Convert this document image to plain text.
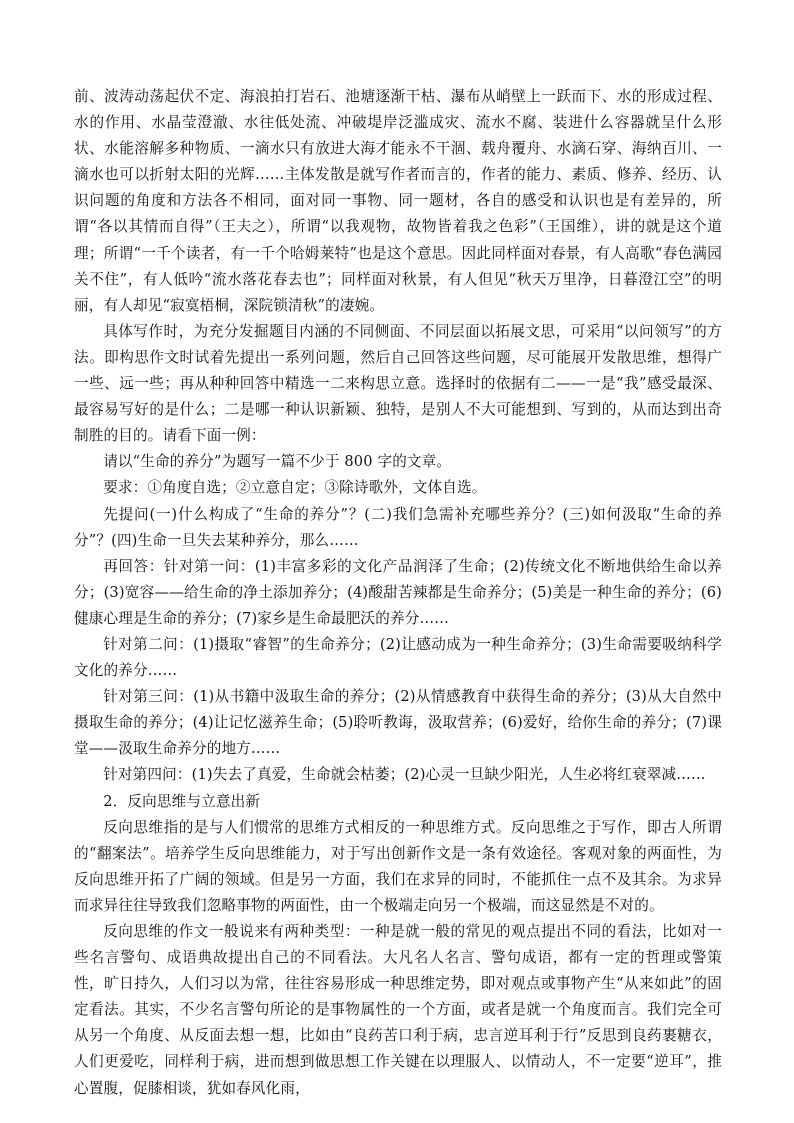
前、波涛动荡起伏不定、海浪拍打岩石、池塘逐渐干枯、瀑布从峭壁上一跃而下、水的形成过程、水的作用、水晶莹澄澈、水往低处流、冲破堤岸泛滥成灾、流水不腐、装进什么容器就呈什么形状、水能溶解多种物质、一滴水只有放进大海才能永不干涸、载舟覆舟、水滴石穿、海纳百川、一滴水也可以折射太阳的光辉……主体发散是就写作者而言的，作者的能力、素质、修养、经历、认识问题的角度和方法各不相同，面对同一事物、同一题材，各自的感受和认识也是有差异的，所谓“各以其情而自得”（王夫之），所谓“以我观物，故物皆着我之色彩”（王国维），讲的就是这个道理；所谓“一千个读者，有一千个哈姆莱特”也是这个意思。因此同样面对春景，有人高歌“春色满园关不住”，有人低吟“流水落花春去也”；同样面对秋景，有人但见“秋天万里净，日暮澄江空”的明丽，有人却见“寂寞梧桐，深院锁清秋”的凄婉。

具体写作时，为充分发掘题目内涵的不同侧面、不同层面以拓展文思，可采用“以问领写”的方法。即构思作文时试着先提出一系列问题，然后自己回答这些问题，尽可能展开发散思维，想得广一些、远一些；再从种种回答中精选一二来构思立意。选择时的依据有二——一是“我”感受最深、最容易写好的是什么；二是哪一种认识新颖、独特，是别人不大可能想到、写到的，从而达到出奇制胜的目的。请看下面一例：

请以“生命的养分”为题写一篇不少于 800 字的文章。

要求：①角度自选；②立意自定；③除诗歌外，文体自选。

先提问(一)什么构成了“生命的养分”？(二)我们急需补充哪些养分？(三)如何汲取“生命的养分”？(四)生命一旦失去某种养分，那么……

再回答：针对第一问：(1)丰富多彩的文化产品润泽了生命；(2)传统文化不断地供给生命以养分；(3)宽容——给生命的净土添加养分；(4)酸甜苦辣都是生命养分；(5)美是一种生命的养分；(6)健康心理是生命的养分；(7)家乡是生命最肥沃的养分……

针对第二问：(1)摄取“睿智”的生命养分；(2)让感动成为一种生命养分；(3)生命需要吸纳科学文化的养分……

针对第三问：(1)从书籍中汲取生命的养分；(2)从情感教育中获得生命的养分；(3)从大自然中摄取生命的养分；(4)让记忆滋养生命；(5)聆听教诲，汲取营养；(6)爱好，给你生命的养分；(7)课堂——汲取生命养分的地方……

针对第四问：(1)失去了真爱，生命就会枯萎；(2)心灵一旦缺少阳光，人生必将红衰翠减……

2．反向思维与立意出新

反向思维指的是与人们惯常的思维方式相反的一种思维方式。反向思维之于写作，即古人所谓的“翻案法”。培养学生反向思维能力，对于写出创新作文是一条有效途径。客观对象的两面性，为反向思维开拓了广阔的领域。但是另一方面，我们在求异的同时，不能抓住一点不及其余。为求异而求异往往导致我们忽略事物的两面性，由一个极端走向另一个极端，而这显然是不对的。

反向思维的作文一般说来有两种类型：一种是就一般的常见的观点提出不同的看法，比如对一些名言警句、成语典故提出自己的不同看法。大凡名人名言、警句成语，都有一定的哲理或警策性，旷日持久，人们习以为常，往往容易形成一种思维定势，即对观点或事物产生“从来如此”的固定看法。其实，不少名言警句所论的是事物属性的一个方面，或者是就一个角度而言。我们完全可从另一个角度、从反面去想一想，比如由“良药苦口利于病，忠言逆耳利于行”反思到良药裹糖衣，人们更爱吃，同样利于病，进而想到做思想工作关键在以理服人、以情动人，不一定要“逆耳”，推心置腹，促膝相谈，犹如春风化雨，
